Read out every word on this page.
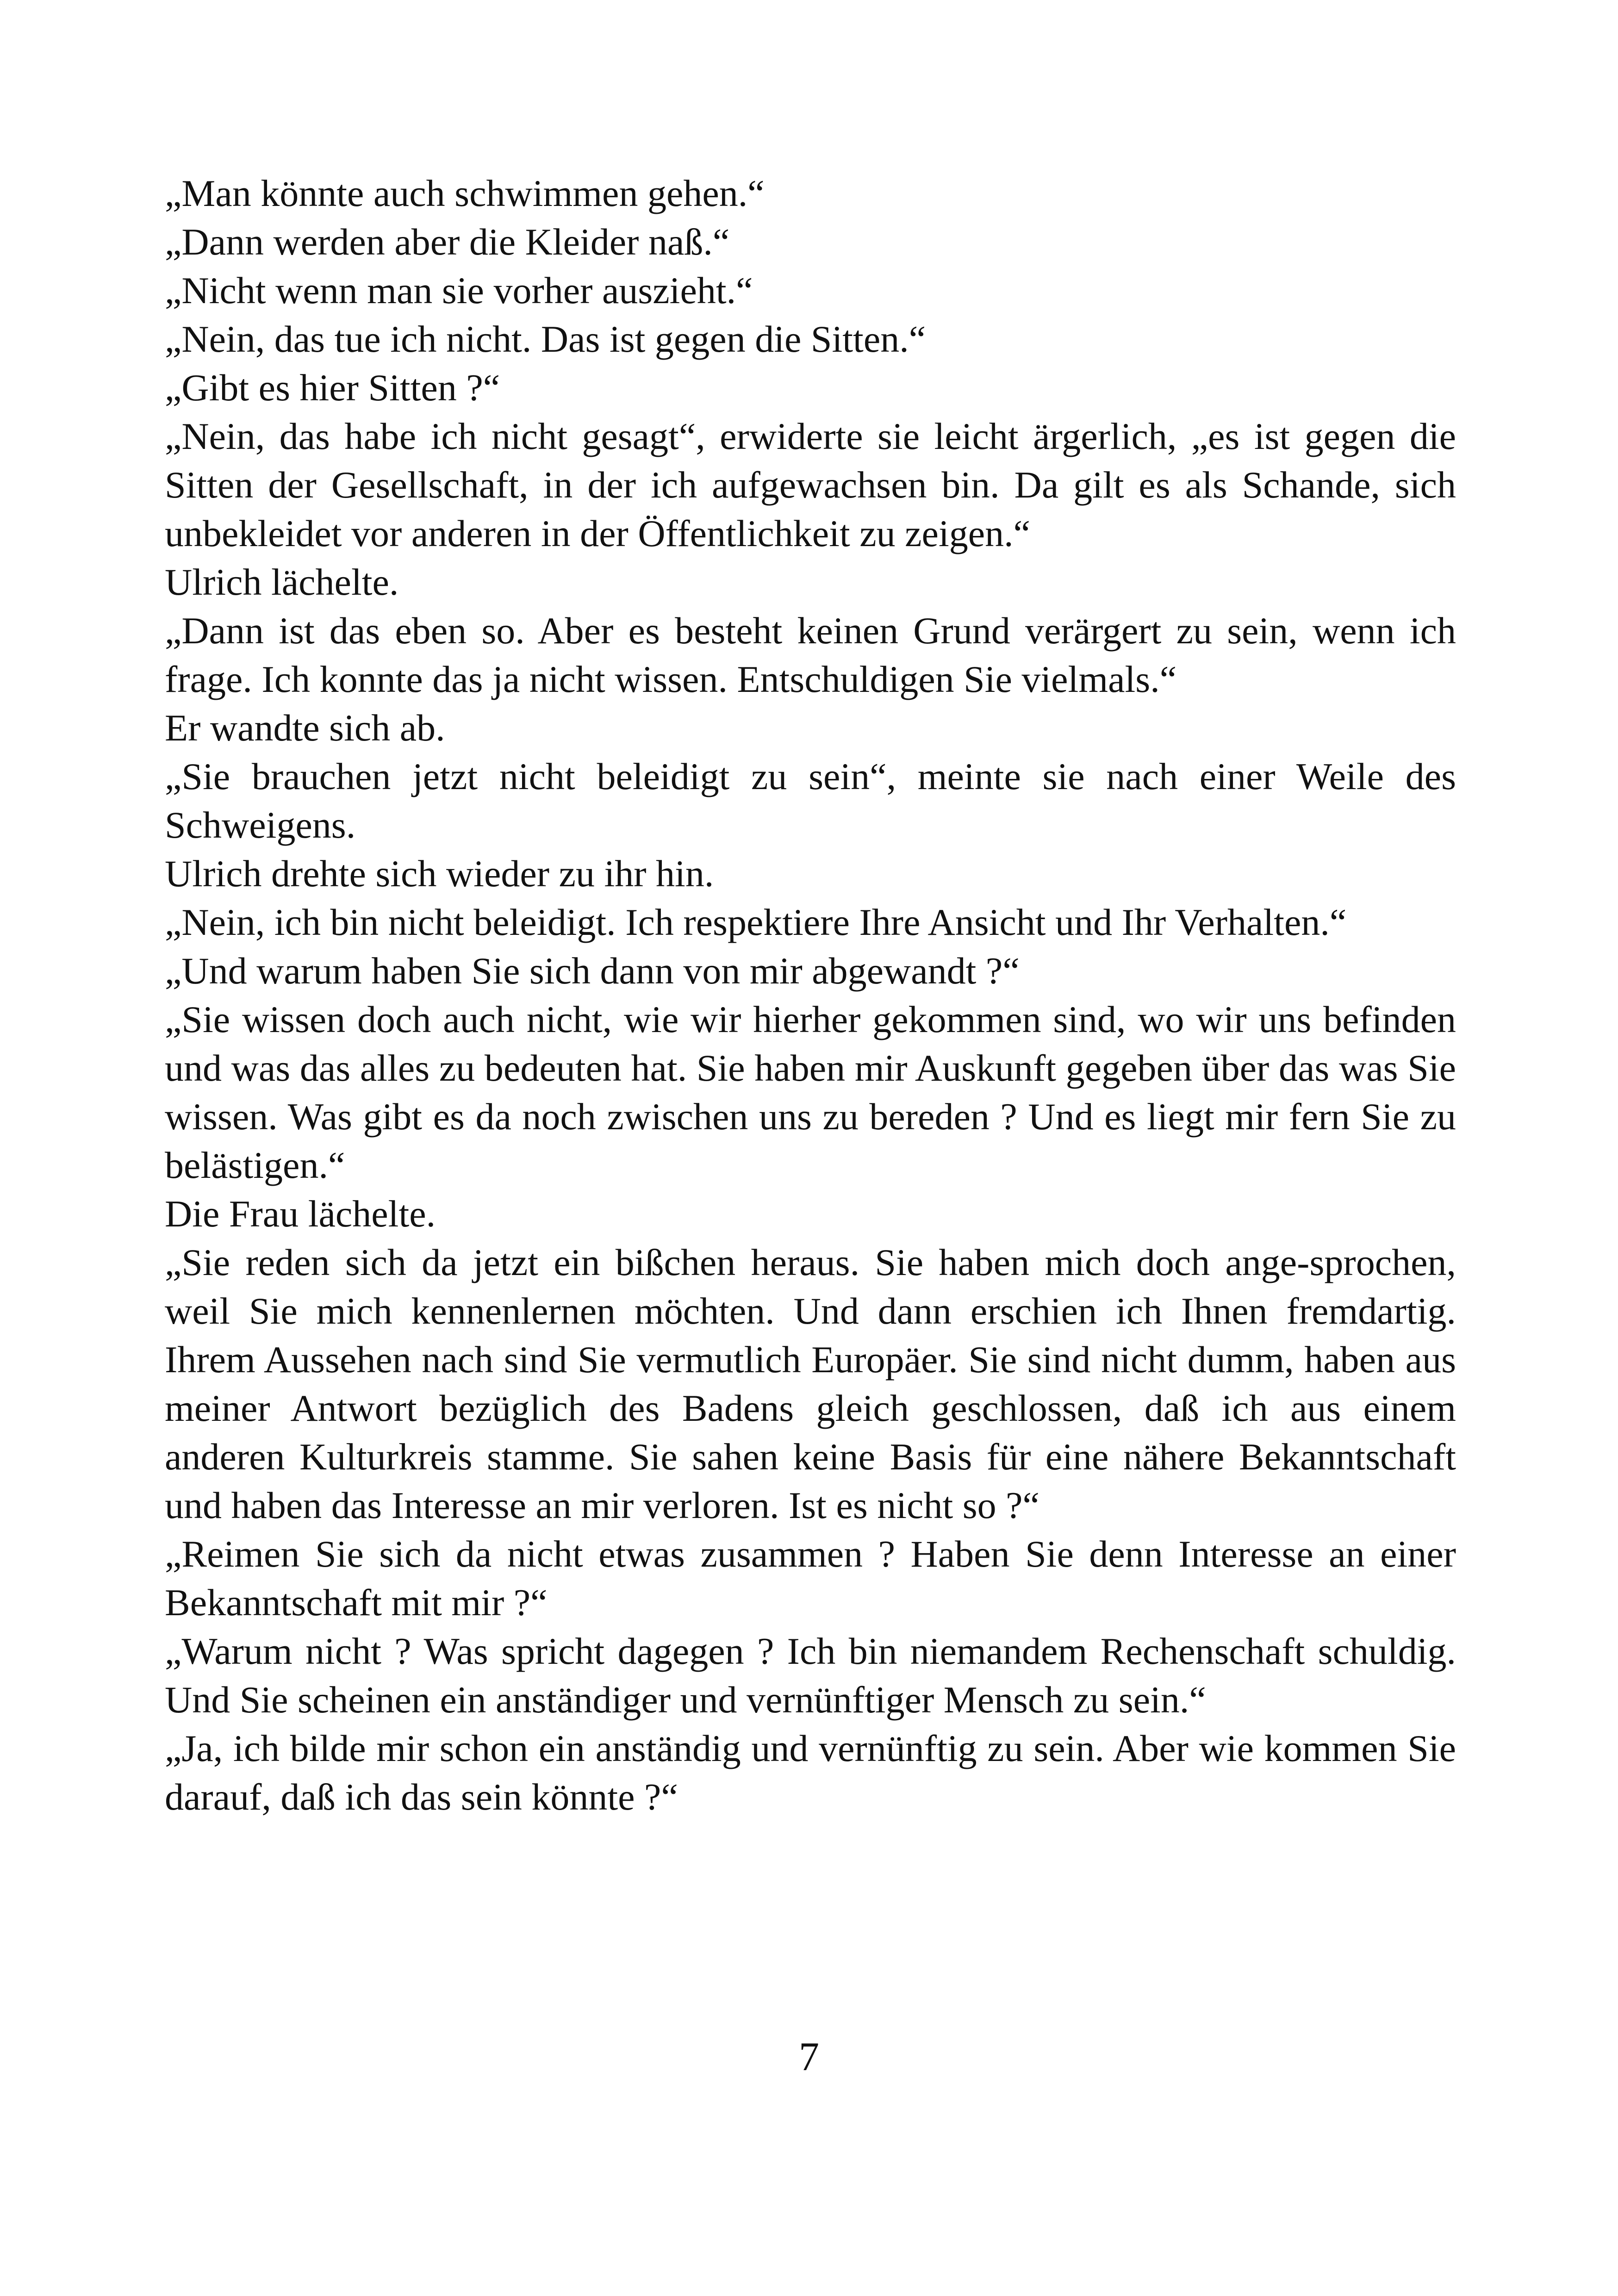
„Man könnte auch schwimmen gehen.“

„Dann werden aber die Kleider naß.“

„Nicht wenn man sie vorher auszieht.“

„Nein, das tue ich nicht. Das ist gegen die Sitten.“

„Gibt es hier Sitten ?“

„Nein, das habe ich nicht gesagt“, erwiderte sie leicht ärgerlich, „es ist gegen die Sitten der Gesellschaft, in der ich aufgewachsen bin. Da gilt es als Schande, sich unbekleidet vor anderen in der Öffentlichkeit zu zeigen.“

Ulrich lächelte.

„Dann ist das eben so. Aber es besteht keinen Grund verärgert zu sein, wenn ich frage. Ich konnte das ja nicht wissen. Entschuldigen Sie vielmals.“

Er wandte sich ab.

„Sie brauchen jetzt nicht beleidigt zu sein“, meinte sie nach einer Weile des Schweigens.

Ulrich drehte sich wieder zu ihr hin.

„Nein, ich bin nicht beleidigt. Ich respektiere Ihre Ansicht und Ihr Verhalten.“

„Und warum haben Sie sich dann von mir abgewandt ?“

„Sie wissen doch auch nicht, wie wir hierher gekommen sind, wo wir uns befinden und was das alles zu bedeuten hat. Sie haben mir Auskunft gegeben über das was Sie wissen. Was gibt es da noch zwischen uns zu bereden ? Und es liegt mir fern Sie zu belästigen.“

Die Frau lächelte.

„Sie reden sich da jetzt ein bißchen heraus. Sie haben mich doch ange-sprochen, weil Sie mich kennenlernen möchten. Und dann erschien ich Ihnen fremdartig. Ihrem Aussehen nach sind Sie vermutlich Europäer. Sie sind nicht dumm, haben aus meiner Antwort bezüglich des Badens gleich geschlossen, daß ich aus einem anderen Kulturkreis stamme. Sie sahen keine Basis für eine nähere Bekanntschaft und haben das Interesse an mir verloren. Ist es nicht so ?“

„Reimen Sie sich da nicht etwas zusammen ? Haben Sie denn Interesse an einer Bekanntschaft mit mir ?“

„Warum nicht ? Was spricht dagegen ? Ich bin niemandem Rechenschaft schuldig. Und Sie scheinen ein anständiger und vernünftiger Mensch zu sein.“

„Ja, ich bilde mir schon ein anständig und vernünftig zu sein. Aber wie kommen Sie darauf, daß ich das sein könnte ?“

7
